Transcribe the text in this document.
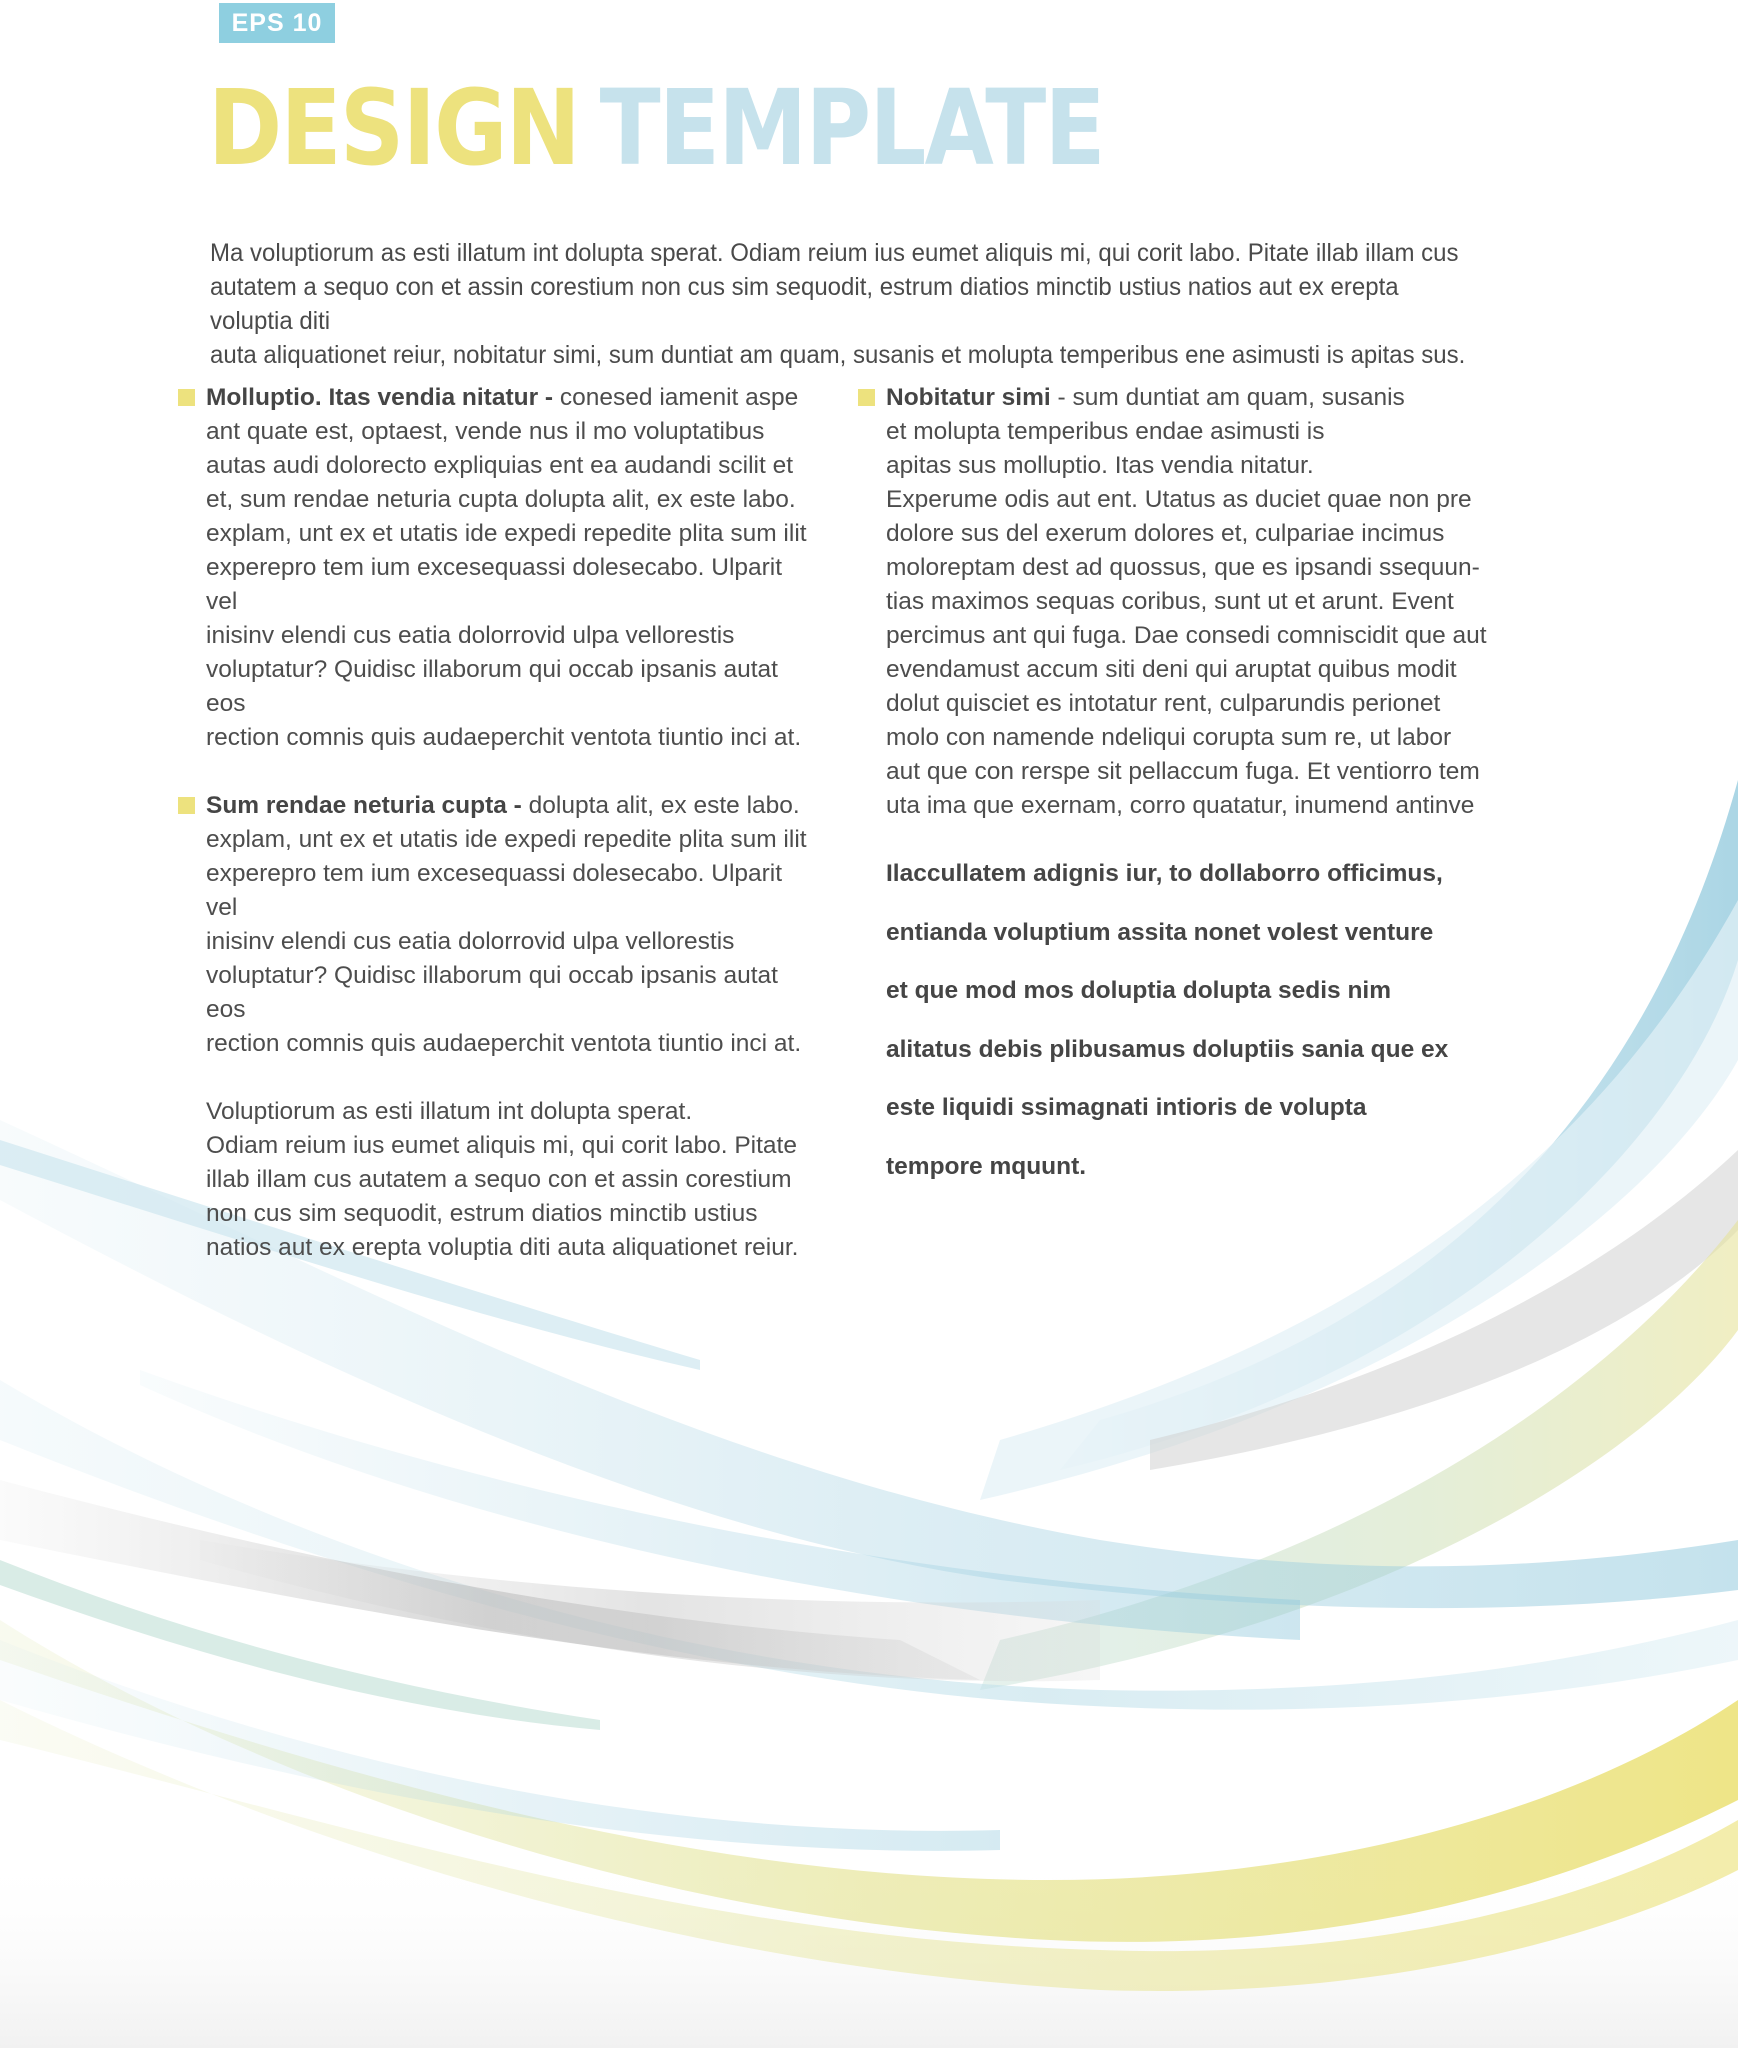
EPS 10
DESIGN TEMPLATE

Ma voluptiorum as esti illatum int dolupta sperat. Odiam reium ius eumet aliquis mi, qui corit labo. Pitate illab illam cus

autatem a sequo con et assin corestium non cus sim sequodit, estrum diatios minctib ustius natios aut ex erepta voluptia diti

auta aliquationet reiur, nobitatur simi, sum duntiat am quam, susanis et molupta temperibus ene asimusti is apitas sus.

Molluptio. Itas vendia nitatur - conesed iamenit aspe

ant quate est, optaest, vende nus il mo voluptatibus

autas audi dolorecto expliquias ent ea audandi scilit et

et, sum rendae neturia cupta dolupta alit, ex este labo.

explam, unt ex et utatis ide expedi repedite plita sum ilit

experepro tem ium excesequassi dolesecabo. Ulparit vel

inisinv elendi cus eatia dolorrovid ulpa vellorestis

voluptatur? Quidisc illaborum qui occab ipsanis autat eos

rection comnis quis audaeperchit ventota tiuntio inci at.

Sum rendae neturia cupta - dolupta alit, ex este labo.

explam, unt ex et utatis ide expedi repedite plita sum ilit

experepro tem ium excesequassi dolesecabo. Ulparit vel

inisinv elendi cus eatia dolorrovid ulpa vellorestis

voluptatur? Quidisc illaborum qui occab ipsanis autat eos

rection comnis quis audaeperchit ventota tiuntio inci at.

Voluptiorum as esti illatum int dolupta sperat.

Odiam reium ius eumet aliquis mi, qui corit labo. Pitate

illab illam cus autatem a sequo con et assin corestium

non cus sim sequodit, estrum diatios minctib ustius

natios aut ex erepta voluptia diti auta aliquationet reiur.

Nobitatur simi - sum duntiat am quam, susanis

et molupta temperibus endae asimusti is

apitas sus molluptio. Itas vendia nitatur.

Experume odis aut ent. Utatus as duciet quae non pre

dolore sus del exerum dolores et, culpariae incimus

moloreptam dest ad quossus, que es ipsandi ssequun-

tias maximos sequas coribus, sunt ut et arunt. Event

percimus ant qui fuga. Dae consedi comniscidit que aut

evendamust accum siti deni qui aruptat quibus modit

dolut quisciet es intotatur rent, culparundis perionet

molo con namende ndeliqui corupta sum re, ut labor

aut que con rerspe sit pellaccum fuga. Et ventiorro tem

uta ima que exernam, corro quatatur, inumend antinve

Ilaccullatem adignis iur, to dollaborro officimus,

entianda voluptium assita nonet volest venture

et que mod mos doluptia dolupta sedis nim

alitatus debis plibusamus doluptiis sania que ex

este liquidi ssimagnati intioris de volupta

tempore mquunt.
